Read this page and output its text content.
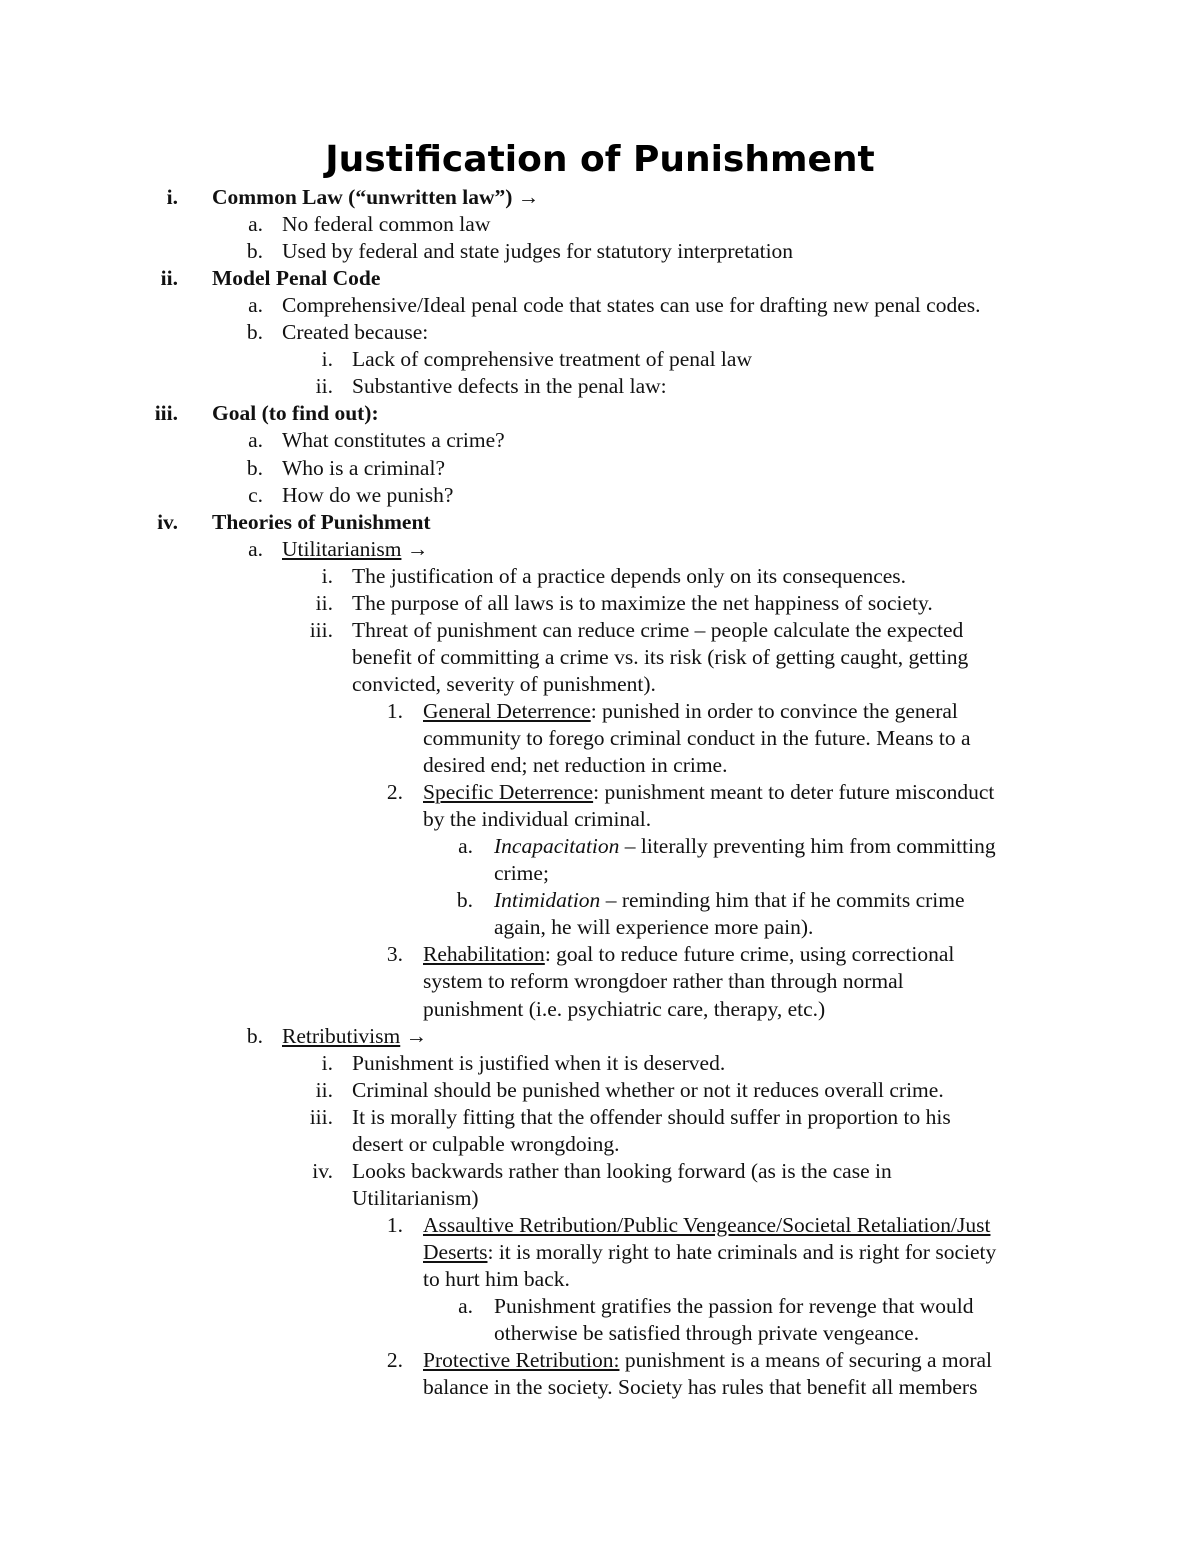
Justification of Punishment
i. Common Law (“unwritten law”) →
a. No federal common law
b. Used by federal and state judges for statutory interpretation
ii. Model Penal Code
a. Comprehensive/Ideal penal code that states can use for drafting new penal codes.
b. Created because:
i. Lack of comprehensive treatment of penal law
ii. Substantive defects in the penal law:
iii. Goal (to find out):
a. What constitutes a crime?
b. Who is a criminal?
c. How do we punish?
iv. Theories of Punishment
a. Utilitarianism →
i. The justification of a practice depends only on its consequences.
ii. The purpose of all laws is to maximize the net happiness of society.
iii. Threat of punishment can reduce crime – people calculate the expected
benefit of committing a crime vs. its risk (risk of getting caught, getting
convicted, severity of punishment).
1. General Deterrence: punished in order to convince the general
community to forego criminal conduct in the future. Means to a
desired end; net reduction in crime.
2. Specific Deterrence: punishment meant to deter future misconduct
by the individual criminal.
a. Incapacitation – literally preventing him from committing
crime;
b. Intimidation – reminding him that if he commits crime
again, he will experience more pain).
3. Rehabilitation: goal to reduce future crime, using correctional
system to reform wrongdoer rather than through normal
punishment (i.e. psychiatric care, therapy, etc.)
b. Retributivism →
i. Punishment is justified when it is deserved.
ii. Criminal should be punished whether or not it reduces overall crime.
iii. It is morally fitting that the offender should suffer in proportion to his
desert or culpable wrongdoing.
iv. Looks backwards rather than looking forward (as is the case in
Utilitarianism)
1. Assaultive Retribution/Public Vengeance/Societal Retaliation/Just
Deserts: it is morally right to hate criminals and is right for society
to hurt him back.
a. Punishment gratifies the passion for revenge that would
otherwise be satisfied through private vengeance.
2. Protective Retribution: punishment is a means of securing a moral
balance in the society. Society has rules that benefit all members
